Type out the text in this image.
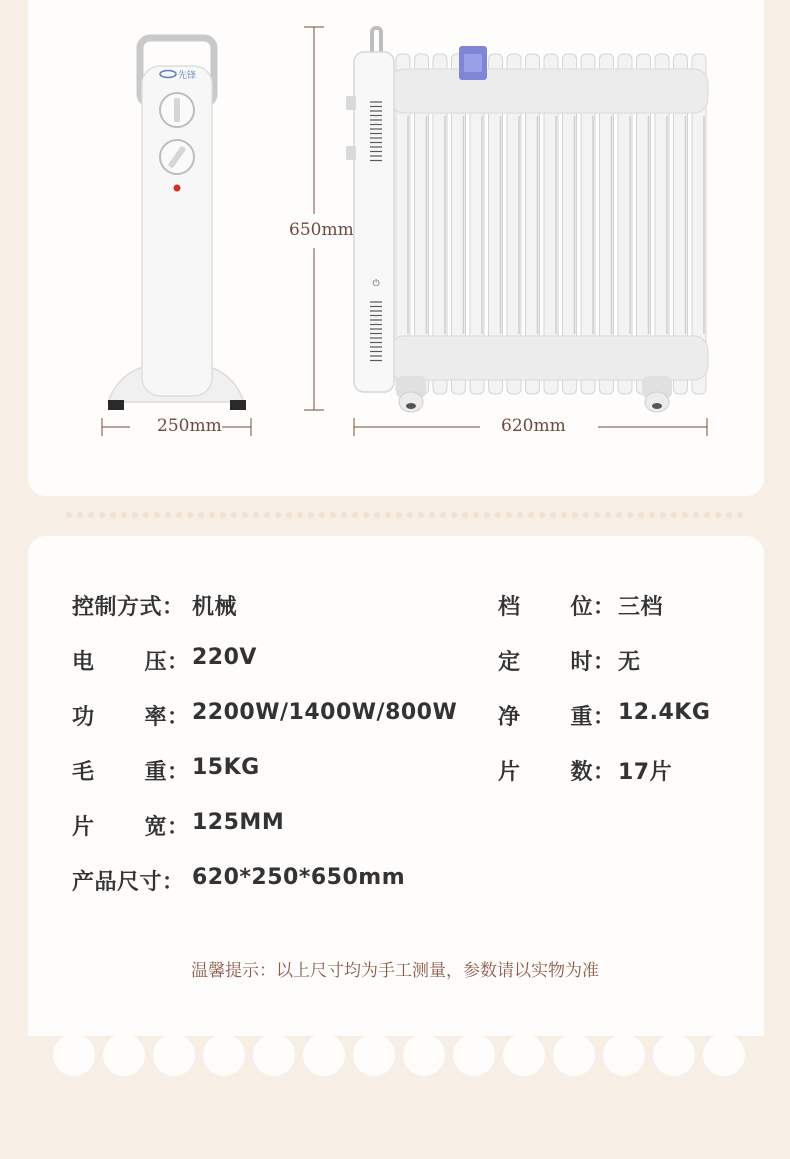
先锋
250mm
650mm
⏻
620mm
控制方式： 机械
电 压： 220V
功 率： 2200W/1400W/800W
毛 重： 15KG
片 宽： 125MM
产品尺寸： 620*250*650mm
档 位： 三档
定 时： 无
净 重： 12.4KG
片 数： 17片
温馨提示：以上尺寸均为手工测量，参数请以实物为准
